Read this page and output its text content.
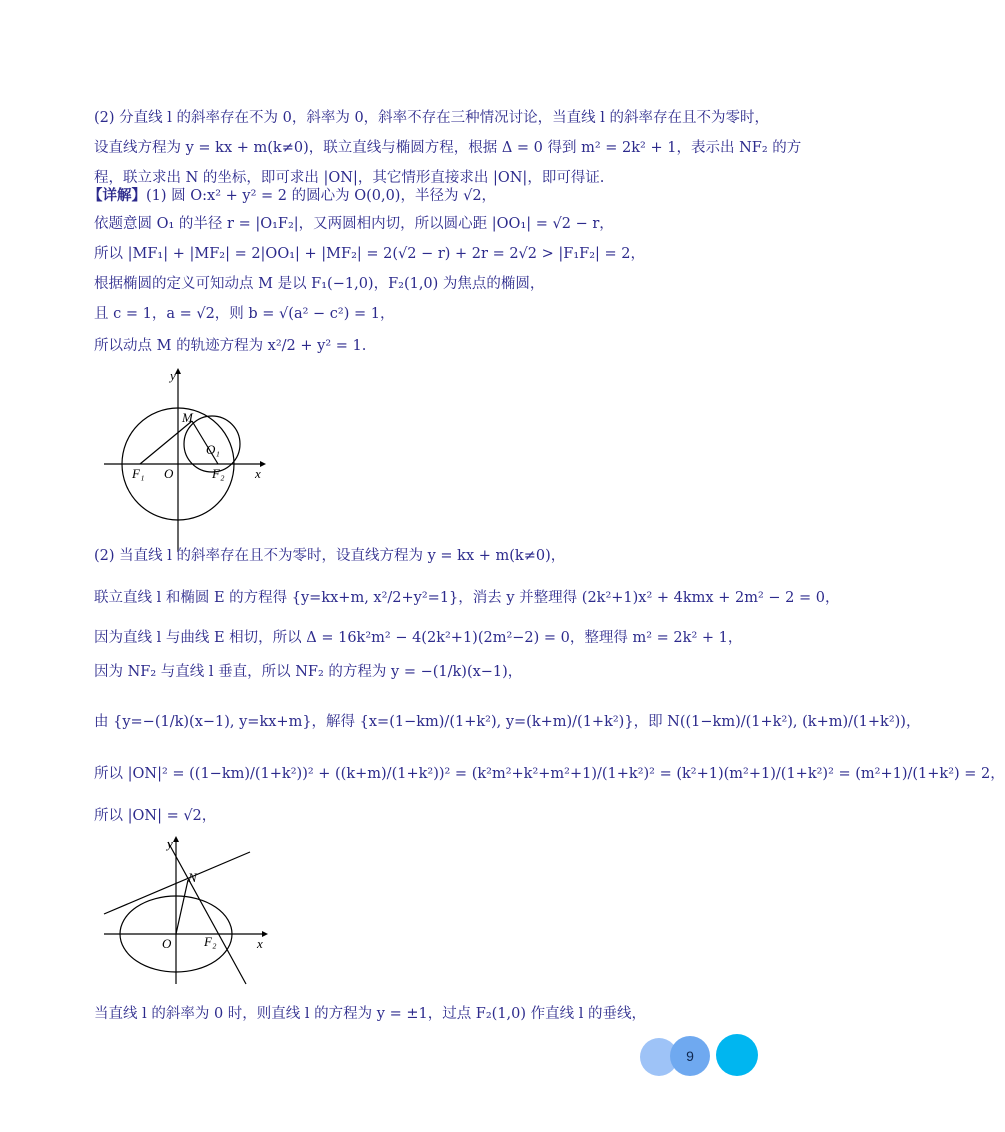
(2) 分直线 l 的斜率存在不为 0，斜率为 0，斜率不存在三种情况讨论，当直线 l 的斜率存在且不为零时，
设直线方程为 y = kx + m(k≠0)，联立直线与椭圆方程，根据 Δ = 0 得到 m² = 2k² + 1，表示出 NF₂ 的方
程，联立求出 N 的坐标，即可求出 |ON|，其它情形直接求出 |ON|，即可得证.
【详解】(1) 圆 O:x² + y² = 2 的圆心为 O(0,0)，半径为 √2，
依题意圆 O₁ 的半径 r = |O₁F₂|，又两圆相内切，所以圆心距 |OO₁| = √2 − r，
所以 |MF₁| + |MF₂| = 2|OO₁| + |MF₂| = 2(√2 − r) + 2r = 2√2 > |F₁F₂| = 2，
根据椭圆的定义可知动点 M 是以 F₁(−1,0)，F₂(1,0) 为焦点的椭圆，
且 c = 1，a = √2，则 b = √(a² − c²) = 1，
所以动点 M 的轨迹方程为 x²/2 + y² = 1.
y
x
M
O₁
F₁ O	F₂
(2) 当直线 l 的斜率存在且不为零时，设直线方程为 y = kx + m(k≠0)，
联立直线 l 和椭圆 E 的方程得 {y=kx+m, x²/2+y²=1}，消去 y 并整理得 (2k²+1)x² + 4kmx + 2m² − 2 = 0，
因为直线 l 与曲线 E 相切，所以 Δ = 16k²m² − 4(2k²+1)(2m²−2) = 0，整理得 m² = 2k² + 1，
因为 NF₂ 与直线 l 垂直，所以 NF₂ 的方程为 y = −(1/k)(x−1)，
由 {y=−(1/k)(x−1), y=kx+m}，解得 {x=(1−km)/(1+k²), y=(k+m)/(1+k²)}，即 N((1−km)/(1+k²), (k+m)/(1+k²))，
所以 |ON|² = ((1−km)/(1+k²))² + ((k+m)/(1+k²))² = (k²m²+k²+m²+1)/(1+k²)² = (k²+1)(m²+1)/(1+k²)² = (m²+1)/(1+k²) = 2，
所以 |ON| = √2，
y
x
N
O	F₂
当直线 l 的斜率为 0 时，则直线 l 的方程为 y = ±1，过点 F₂(1,0) 作直线 l 的垂线，
9
